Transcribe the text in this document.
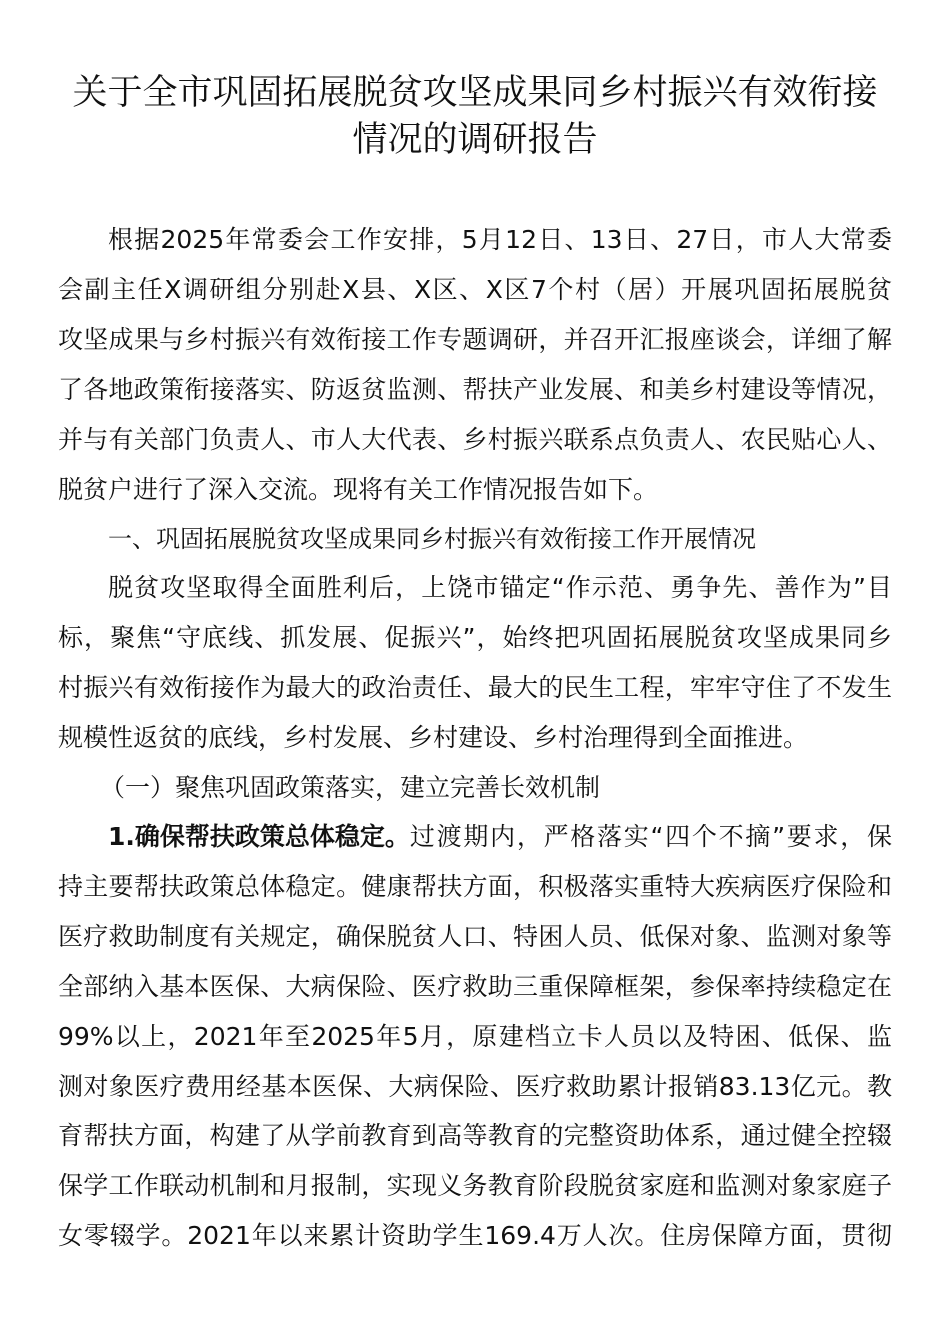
关于全市巩固拓展脱贫攻坚成果同乡村振兴有效衔接
情况的调研报告
根据2025年常委会工作安排，5月12日、13日、27日，市人大常委
会副主任X调研组分别赴X县、X区、X区7个村（居）开展巩固拓展脱贫
攻坚成果与乡村振兴有效衔接工作专题调研，并召开汇报座谈会，详细了解
了各地政策衔接落实、防返贫监测、帮扶产业发展、和美乡村建设等情况，
并与有关部门负责人、市人大代表、乡村振兴联系点负责人、农民贴心人、
脱贫户进行了深入交流。现将有关工作情况报告如下。
一、巩固拓展脱贫攻坚成果同乡村振兴有效衔接工作开展情况
脱贫攻坚取得全面胜利后，上饶市锚定“作示范、勇争先、善作为”目
标，聚焦“守底线、抓发展、促振兴”，始终把巩固拓展脱贫攻坚成果同乡
村振兴有效衔接作为最大的政治责任、最大的民生工程，牢牢守住了不发生
规模性返贫的底线，乡村发展、乡村建设、乡村治理得到全面推进。
（一）聚焦巩固政策落实，建立完善长效机制
1.确保帮扶政策总体稳定。 过渡期内，严格落实“四个不摘”要求，保
持主要帮扶政策总体稳定。健康帮扶方面，积极落实重特大疾病医疗保险和
医疗救助制度有关规定，确保脱贫人口、特困人员、低保对象、监测对象等
全部纳入基本医保、大病保险、医疗救助三重保障框架，参保率持续稳定在
99%以上，2021年至2025年5月，原建档立卡人员以及特困、低保、监
测对象医疗费用经基本医保、大病保险、医疗救助累计报销83.13亿元。教
育帮扶方面，构建了从学前教育到高等教育的完整资助体系，通过健全控辍
保学工作联动机制和月报制，实现义务教育阶段脱贫家庭和监测对象家庭子
女零辍学。2021年以来累计资助学生169.4万人次。住房保障方面，贯彻
